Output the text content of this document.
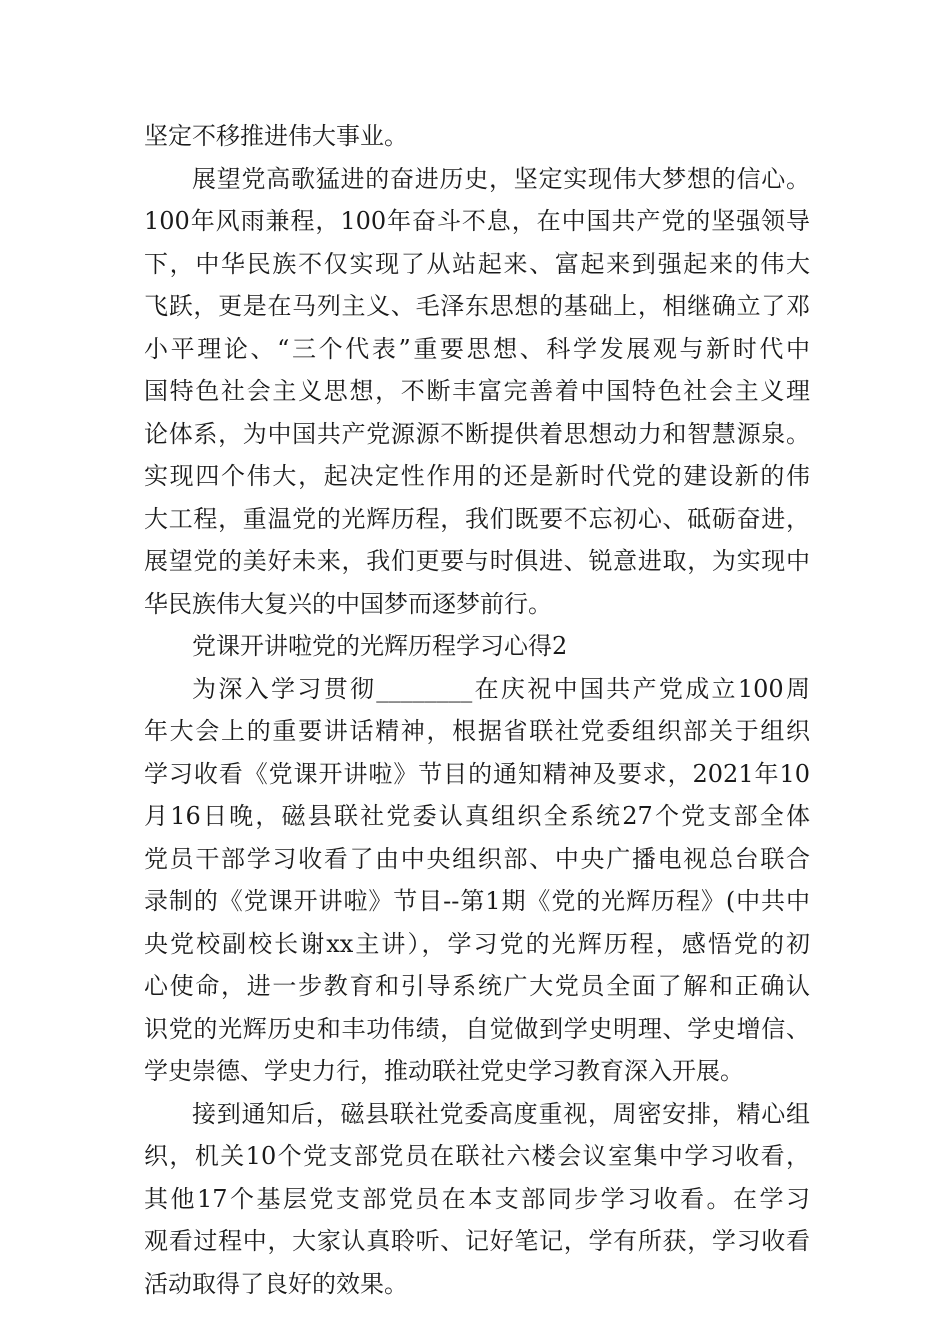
坚定不移推进伟大事业。
展望党高歌猛进的奋进历史，坚定实现伟大梦想的信心。
100年风雨兼程，100年奋斗不息，在中国共产党的坚强领导
下，中华民族不仅实现了从站起来、富起来到强起来的伟大
飞跃，更是在马列主义、毛泽东思想的基础上，相继确立了邓
小平理论、“三个代表”重要思想、科学发展观与新时代中
国特色社会主义思想，不断丰富完善着中国特色社会主义理
论体系，为中国共产党源源不断提供着思想动力和智慧源泉。
实现四个伟大，起决定性作用的还是新时代党的建设新的伟
大工程，重温党的光辉历程，我们既要不忘初心、砥砺奋进，
展望党的美好未来，我们更要与时俱进、锐意进取，为实现中
华民族伟大复兴的中国梦而逐梦前行。
党课开讲啦党的光辉历程学习心得2
为深入学习贯彻________在庆祝中国共产党成立100周
年大会上的重要讲话精神，根据省联社党委组织部关于组织
学习收看《党课开讲啦》节目的通知精神及要求，2021年10
月16日晚，磁县联社党委认真组织全系统27个党支部全体
党员干部学习收看了由中央组织部、中央广播电视总台联合
录制的《党课开讲啦》节目--第1期《党的光辉历程》(中共中
央党校副校长谢xx主讲），学习党的光辉历程，感悟党的初
心使命，进一步教育和引导系统广大党员全面了解和正确认
识党的光辉历史和丰功伟绩，自觉做到学史明理、学史增信、
学史崇德、学史力行，推动联社党史学习教育深入开展。
接到通知后，磁县联社党委高度重视，周密安排，精心组
织，机关10个党支部党员在联社六楼会议室集中学习收看，
其他17个基层党支部党员在本支部同步学习收看。在学习
观看过程中，大家认真聆听、记好笔记，学有所获，学习收看
活动取得了良好的效果。
